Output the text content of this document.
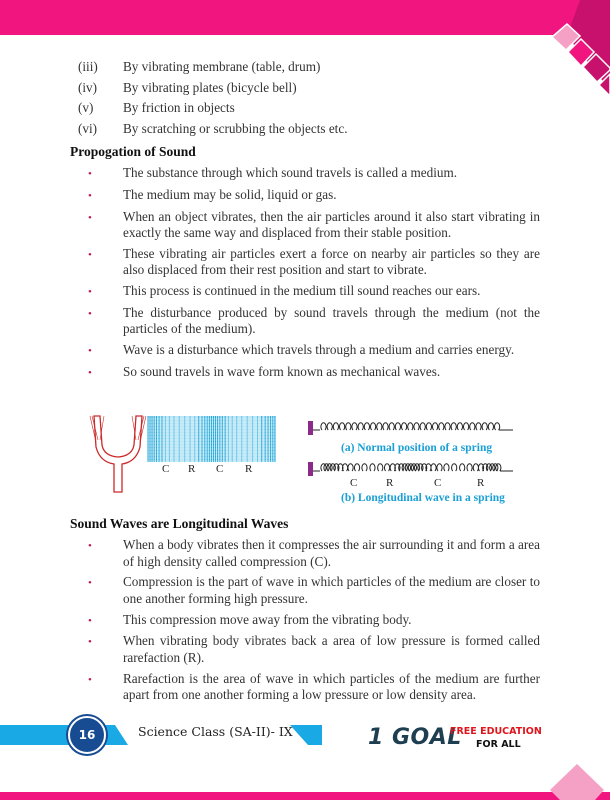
(iii)	By vibrating membrane (table, drum)
(iv)	By vibrating plates (bicycle bell)
(v)	By friction in objects
(vi)	By scratching or scrubbing the objects etc.
Propogation of Sound
•	The substance through which sound travels is called a medium.
•	The medium may be solid, liquid or gas.
•	When an object vibrates, then the air particles around it also start vibrating in exactly the same way and displaced from their stable position.
•	These vibrating air particles exert a force on nearby air particles so they are also displaced from their rest position and start to vibrate.
•	This process is continued in the medium till sound reaches our ears.
•	The disturbance produced by sound travels through the medium (not the particles of the medium).
•	Wave is a disturbance which travels through a medium and carries energy.
•	So sound travels in wave form known as mechanical waves.
C R C R
(a) Normal position of a spring
C	R	C	R
(b) Longitudinal wave in a spring
Sound Waves are Longitudinal Waves
•	When a body vibrates then it compresses the air surrounding it and form a area of high density called compression (C).
•	Compression is the part of wave in which particles of the medium are closer to one another forming high pressure.
•	This compression move away from the vibrating body.
•	When vibrating body vibrates back a area of low pressure is formed called rarefaction (R).
•	Rarefaction is the area of wave in which particles of the medium are further apart from one another forming a low pressure or low density area.
16	Science Class (SA-II)- IX	1 GOAL
FREE EDUCATION
FOR ALL
